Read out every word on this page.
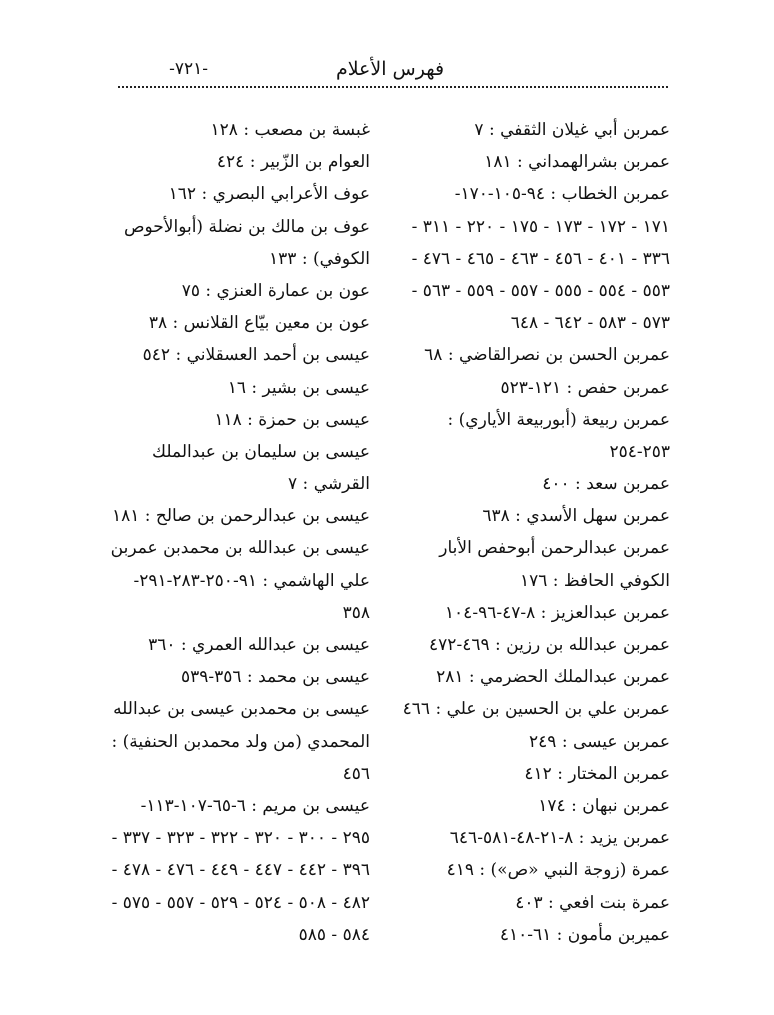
فهرس الأعلام
-٧٢١-
عمربن أبي غيلان الثقفي : ٧
عمربن بشرالهمداني : ١٨١
عمربن الخطاب : ٩٤-١٠٥-١٧٠-
١٧١ - ١٧٢ - ١٧٣ - ١٧٥ - ٢٢٠ - ٣١١ -
٣٣٦ - ٤٠١ - ٤٥٦ - ٤٦٣ - ٤٦٥ - ٤٧٦ -
٥٥٣ - ٥٥٤ - ٥٥٥ - ٥٥٧ - ٥٥٩ - ٥٦٣ -
٥٧٣ - ٥٨٣ - ٦٤٢ - ٦٤٨
عمربن الحسن بن نصرالقاضي : ٦٨
عمربن حفص : ١٢١-٥٢٣
عمربن ربيعة (أبوربيعة الأياري) :
٢٥٣-٢٥٤
عمربن سعد : ٤٠٠
عمربن سهل الأسدي : ٦٣٨
عمربن عبدالرحمن أبوحفص الأبار
الكوفي الحافظ : ١٧٦
عمربن عبدالعزيز : ٨-٤٧-٩٦-١٠٤
عمربن عبدالله بن رزين : ٤٦٩-٤٧٢
عمربن عبدالملك الحضرمي : ٢٨١
عمربن علي بن الحسين بن علي : ٤٦٦
عمربن عيسى : ٢٤٩
عمربن المختار : ٤١٢
عمربن نبهان : ١٧٤
عمربن يزيد : ٨-٢١-٤٨-٥٨١-٦٤٦
عمرة (زوجة النبي «ص») : ٤١٩
عمرة بنت افعي : ٤٠٣
عميربن مأمون : ٦١-٤١٠
غبسة بن مصعب : ١٢٨
العوام بن الزّبير : ٤٢٤
عوف الأعرابي البصري : ١٦٢
عوف بن مالك بن نضلة (أبوالأحوص
الكوفي) : ١٣٣
عون بن عمارة العنزي : ٧٥
عون بن معين بيّاع القلانس : ٣٨
عيسى بن أحمد العسقلاني : ٥٤٢
عيسى بن بشير : ١٦
عيسى بن حمزة : ١١٨
عيسى بن سليمان بن عبدالملك
القرشي : ٧
عيسى بن عبدالرحمن بن صالح : ١٨١
عيسى بن عبدالله بن محمدبن عمربن
علي الهاشمي : ٩١-٢٥٠-٢٨٣-٢٩١-
٣٥٨
عيسى بن عبدالله العمري : ٣٦٠
عيسى بن محمد : ٣٥٦-٥٣٩
عيسى بن محمدبن عيسى بن عبدالله
المحمدي (من ولد محمدبن الحنفية) :
٤٥٦
عيسى بن مريم : ٦-٦٥-١٠٧-١١٣-
٢٩٥ - ٣٠٠ - ٣٢٠ - ٣٢٢ - ٣٢٣ - ٣٣٧ -
٣٩٦ - ٤٤٢ - ٤٤٧ - ٤٤٩ - ٤٧٦ - ٤٧٨ -
٤٨٢ - ٥٠٨ - ٥٢٤ - ٥٢٩ - ٥٥٧ - ٥٧٥ -
٥٨٤ - ٥٨٥
